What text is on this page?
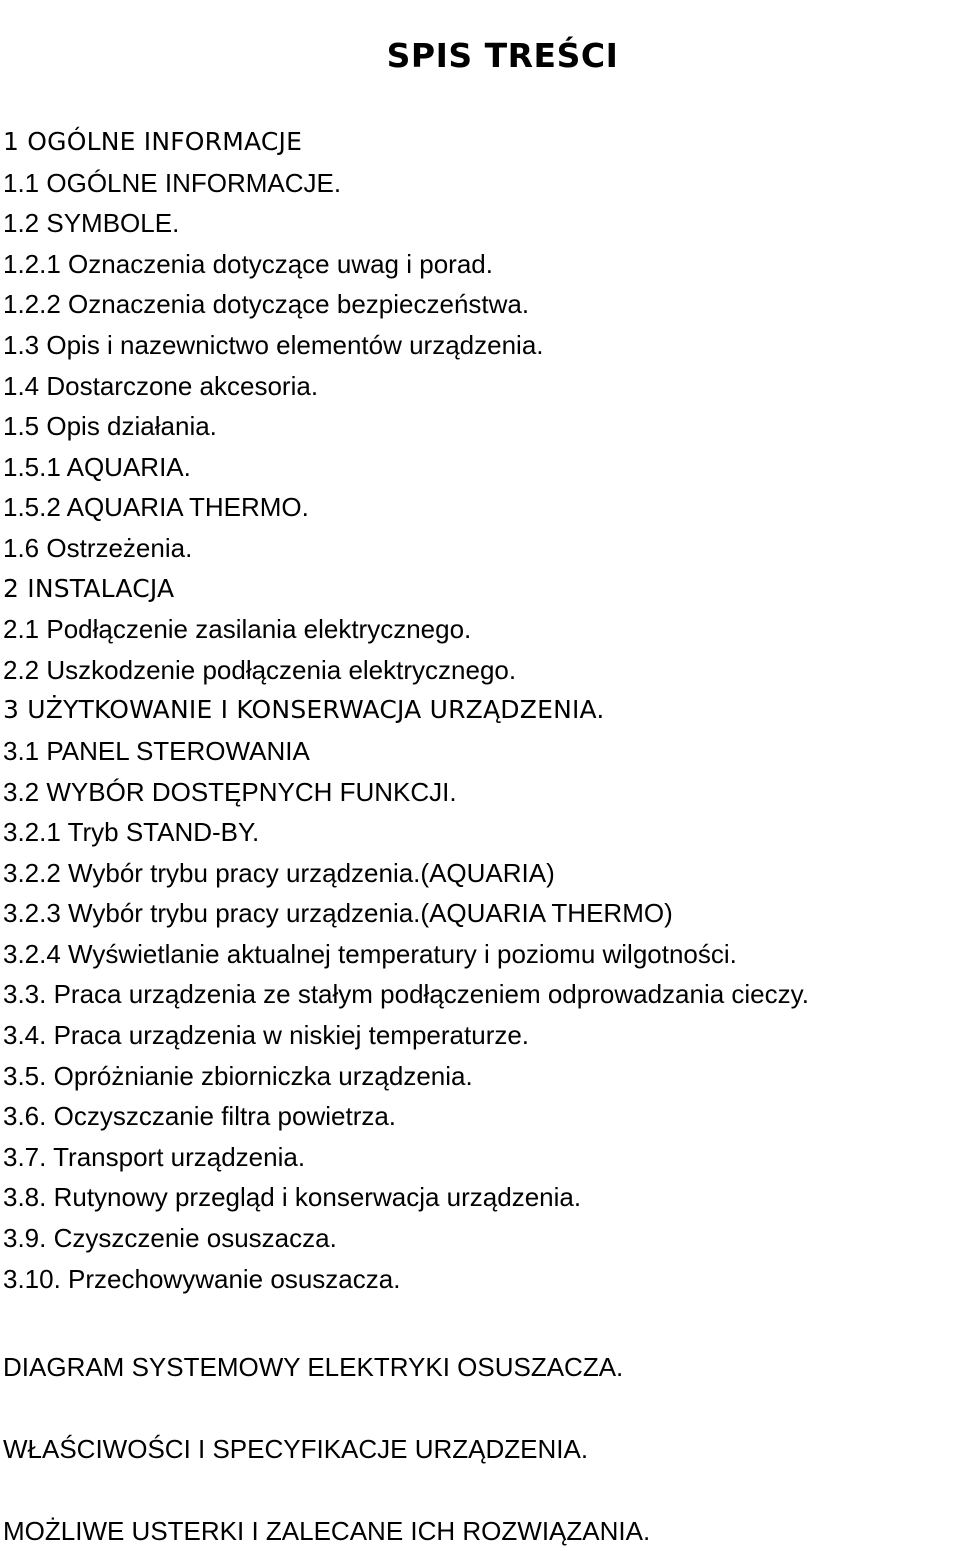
SPIS TREŚCI
1 OGÓLNE INFORMACJE
1.1 OGÓLNE INFORMACJE.
1.2 SYMBOLE.
1.2.1 Oznaczenia dotyczące uwag i porad.
1.2.2 Oznaczenia dotyczące bezpieczeństwa.
1.3 Opis i nazewnictwo elementów urządzenia.
1.4 Dostarczone akcesoria.
1.5 Opis działania.
1.5.1 AQUARIA.
1.5.2 AQUARIA THERMO.
1.6 Ostrzeżenia.
2 INSTALACJA
2.1 Podłączenie zasilania elektrycznego.
2.2 Uszkodzenie podłączenia elektrycznego.
3 UŻYTKOWANIE I KONSERWACJA URZĄDZENIA.
3.1 PANEL STEROWANIA
3.2 WYBÓR DOSTĘPNYCH FUNKCJI.
3.2.1 Tryb STAND-BY.
3.2.2 Wybór trybu pracy urządzenia.(AQUARIA)
3.2.3 Wybór trybu pracy urządzenia.(AQUARIA THERMO)
3.2.4 Wyświetlanie aktualnej temperatury i poziomu wilgotności.
3.3. Praca urządzenia ze stałym podłączeniem odprowadzania cieczy.
3.4. Praca urządzenia w niskiej temperaturze.
3.5. Opróżnianie zbiorniczka urządzenia.
3.6. Oczyszczanie filtra powietrza.
3.7. Transport urządzenia.
3.8. Rutynowy przegląd i konserwacja urządzenia.
3.9. Czyszczenie osuszacza.
3.10. Przechowywanie osuszacza.

DIAGRAM SYSTEMOWY ELEKTRYKI OSUSZACZA.

WŁAŚCIWOŚCI I SPECYFIKACJE URZĄDZENIA.

MOŻLIWE USTERKI I ZALECANE ICH ROZWIĄZANIA.
